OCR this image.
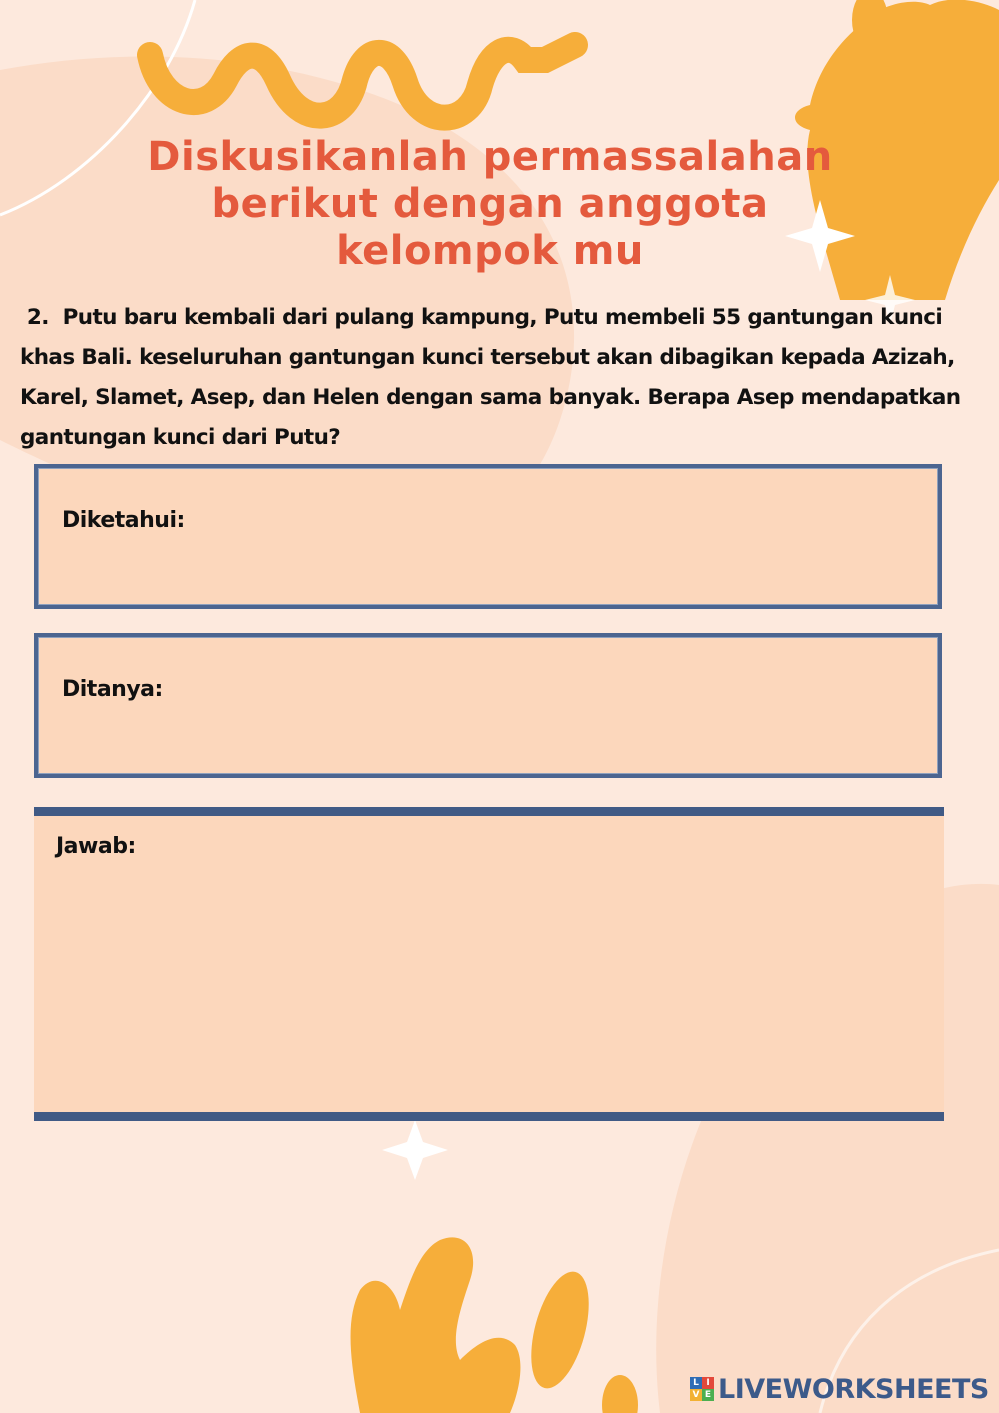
Diskusikanlah permassalahan
berikut dengan anggota
kelompok mu
2. Putu baru kembali dari pulang kampung, Putu membeli 55 gantungan kunci khas Bali. keseluruhan gantungan kunci tersebut akan dibagikan kepada Azizah, Karel, Slamet, Asep, dan Helen dengan sama banyak. Berapa Asep mendapatkan gantungan kunci dari Putu?
Diketahui:
Ditanya:
Jawab:
L I
V E LIVEWORKSHEETS
